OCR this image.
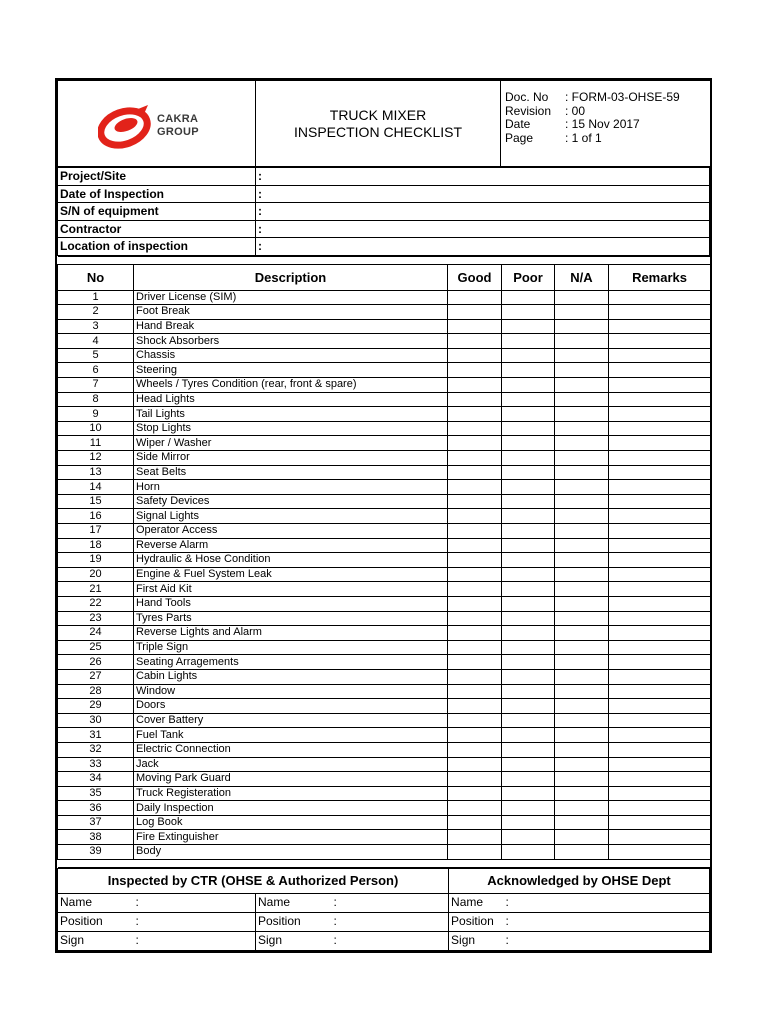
CAKRA
GROUP

TRUCK MIXER
INSPECTION CHECKLIST

Doc. No	: FORM-03-OHSE-59
Revision	: 00
Date	: 15 Nov 2017
Page	: 1 of 1
Project/Site	:
Date of Inspection	:
S/N of equipment	:
Contractor	:
Location of inspection	:

No	Description	Good	Poor	N/A	Remarks
1	Driver License (SIM)				
2	Foot Break				
3	Hand Break				
4	Shock Absorbers				
5	Chassis				
6	Steering				
7	Wheels / Tyres Condition (rear, front & spare)				
8	Head Lights				
9	Tail Lights				
10	Stop Lights				
11	Wiper / Washer				
12	Side Mirror				
13	Seat Belts				
14	Horn				
15	Safety Devices				
16	Signal Lights				
17	Operator Access				
18	Reverse Alarm				
19	Hydraulic & Hose Condition				
20	Engine & Fuel System Leak				
21	First Aid Kit				
22	Hand Tools				
23	Tyres Parts				
24	Reverse Lights and Alarm				
25	Triple Sign				
26	Seating Arragements				
27	Cabin Lights				
28	Window				
29	Doors				
30	Cover Battery				
31	Fuel Tank				
32	Electric Connection				
33	Jack				
34	Moving Park Guard				
35	Truck Registeration				
36	Daily Inspection				
37	Log Book				
38	Fire Extinguisher				
39	Body				

Inspected by CTR (OHSE & Authorized Person)				Acknowledged by OHSE Dept	
Name	:	Name	:	Name	:
Position	:	Position	:	Position	:
Sign	:	Sign	:	Sign	:
